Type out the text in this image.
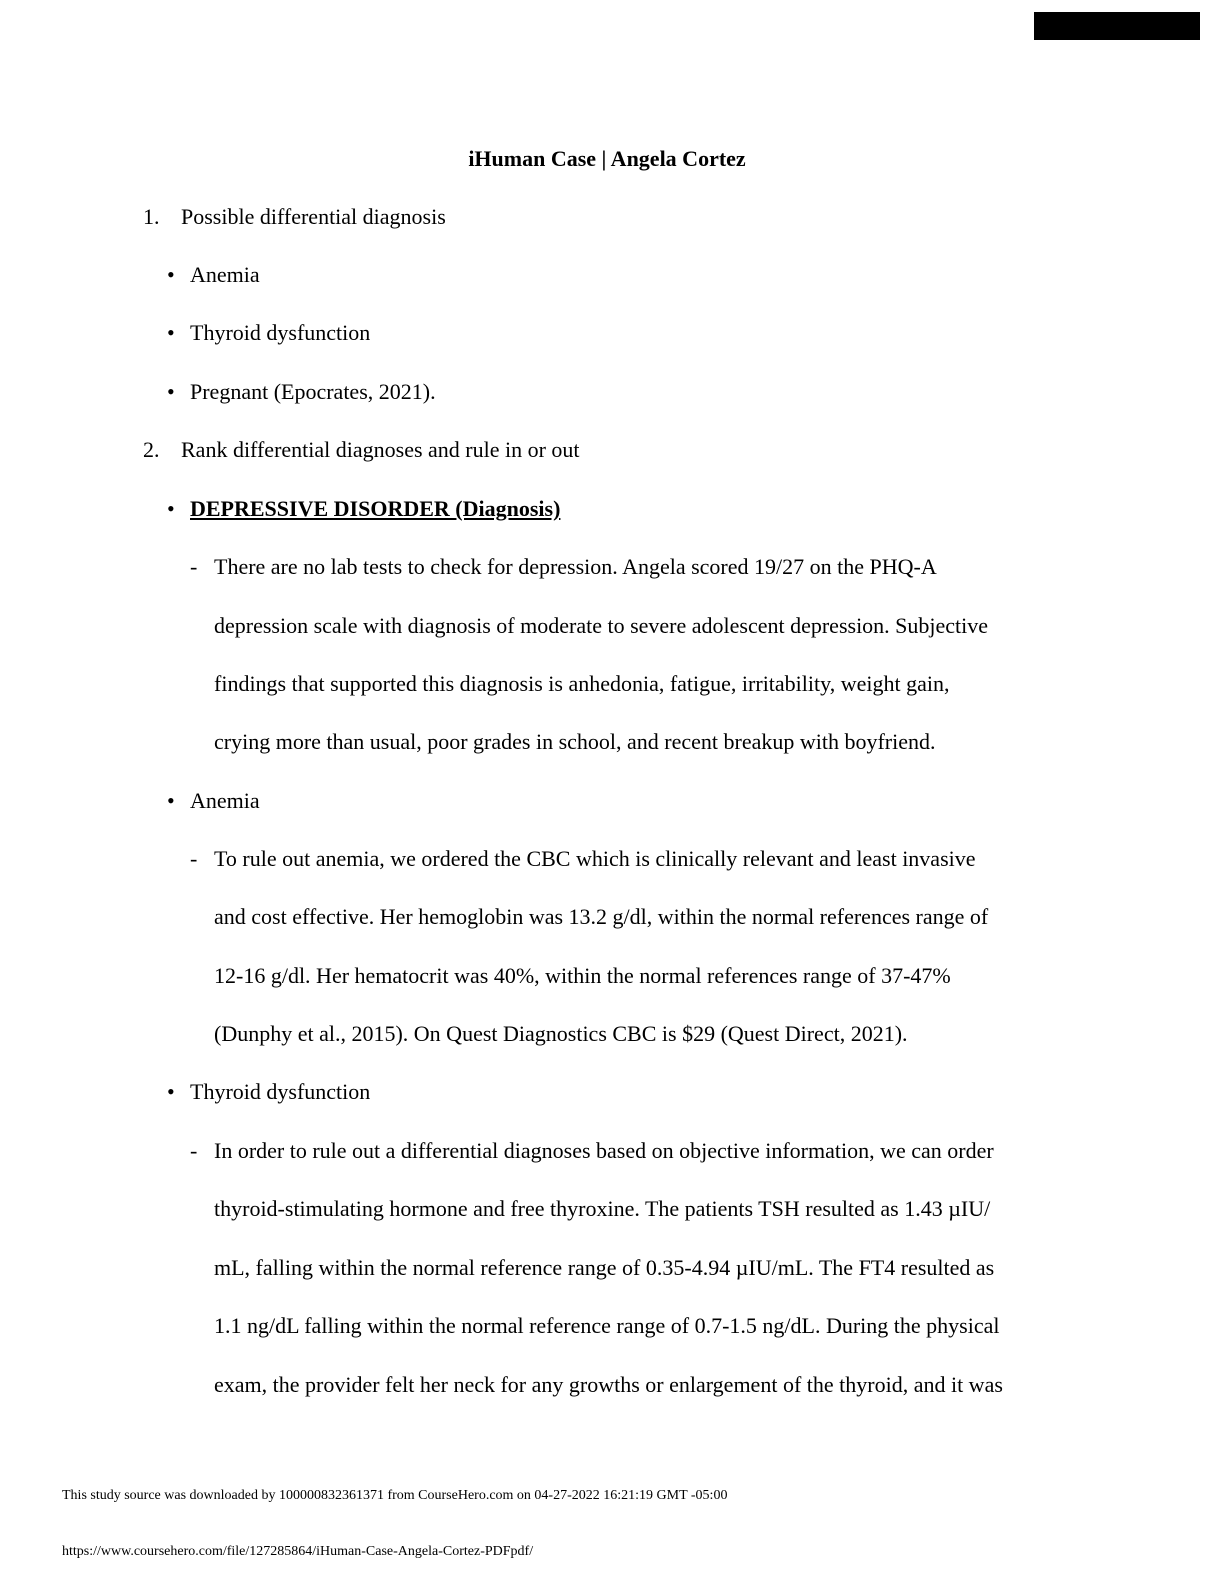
iHuman Case | Angela Cortez
1. Possible differential diagnosis
• Anemia
• Thyroid dysfunction
• Pregnant (Epocrates, 2021).
2. Rank differential diagnoses and rule in or out
• DEPRESSIVE DISORDER (Diagnosis)
- There are no lab tests to check for depression. Angela scored 19/27 on the PHQ-A
depression scale with diagnosis of moderate to severe adolescent depression. Subjective
findings that supported this diagnosis is anhedonia, fatigue, irritability, weight gain,
crying more than usual, poor grades in school, and recent breakup with boyfriend.
• Anemia
- To rule out anemia, we ordered the CBC which is clinically relevant and least invasive
and cost effective. Her hemoglobin was 13.2 g/dl, within the normal references range of
12-16 g/dl. Her hematocrit was 40%, within the normal references range of 37-47%
(Dunphy et al., 2015). On Quest Diagnostics CBC is $29 (Quest Direct, 2021).
• Thyroid dysfunction
- In order to rule out a differential diagnoses based on objective information, we can order
thyroid-stimulating hormone and free thyroxine. The patients TSH resulted as 1.43 µIU/
mL, falling within the normal reference range of 0.35-4.94 µIU/mL. The FT4 resulted as
1.1 ng/dL falling within the normal reference range of 0.7-1.5 ng/dL. During the physical
exam, the provider felt her neck for any growths or enlargement of the thyroid, and it was
This study source was downloaded by 100000832361371 from CourseHero.com on 04-27-2022 16:21:19 GMT -05:00
https://www.coursehero.com/file/127285864/iHuman-Case-Angela-Cortez-PDFpdf/
